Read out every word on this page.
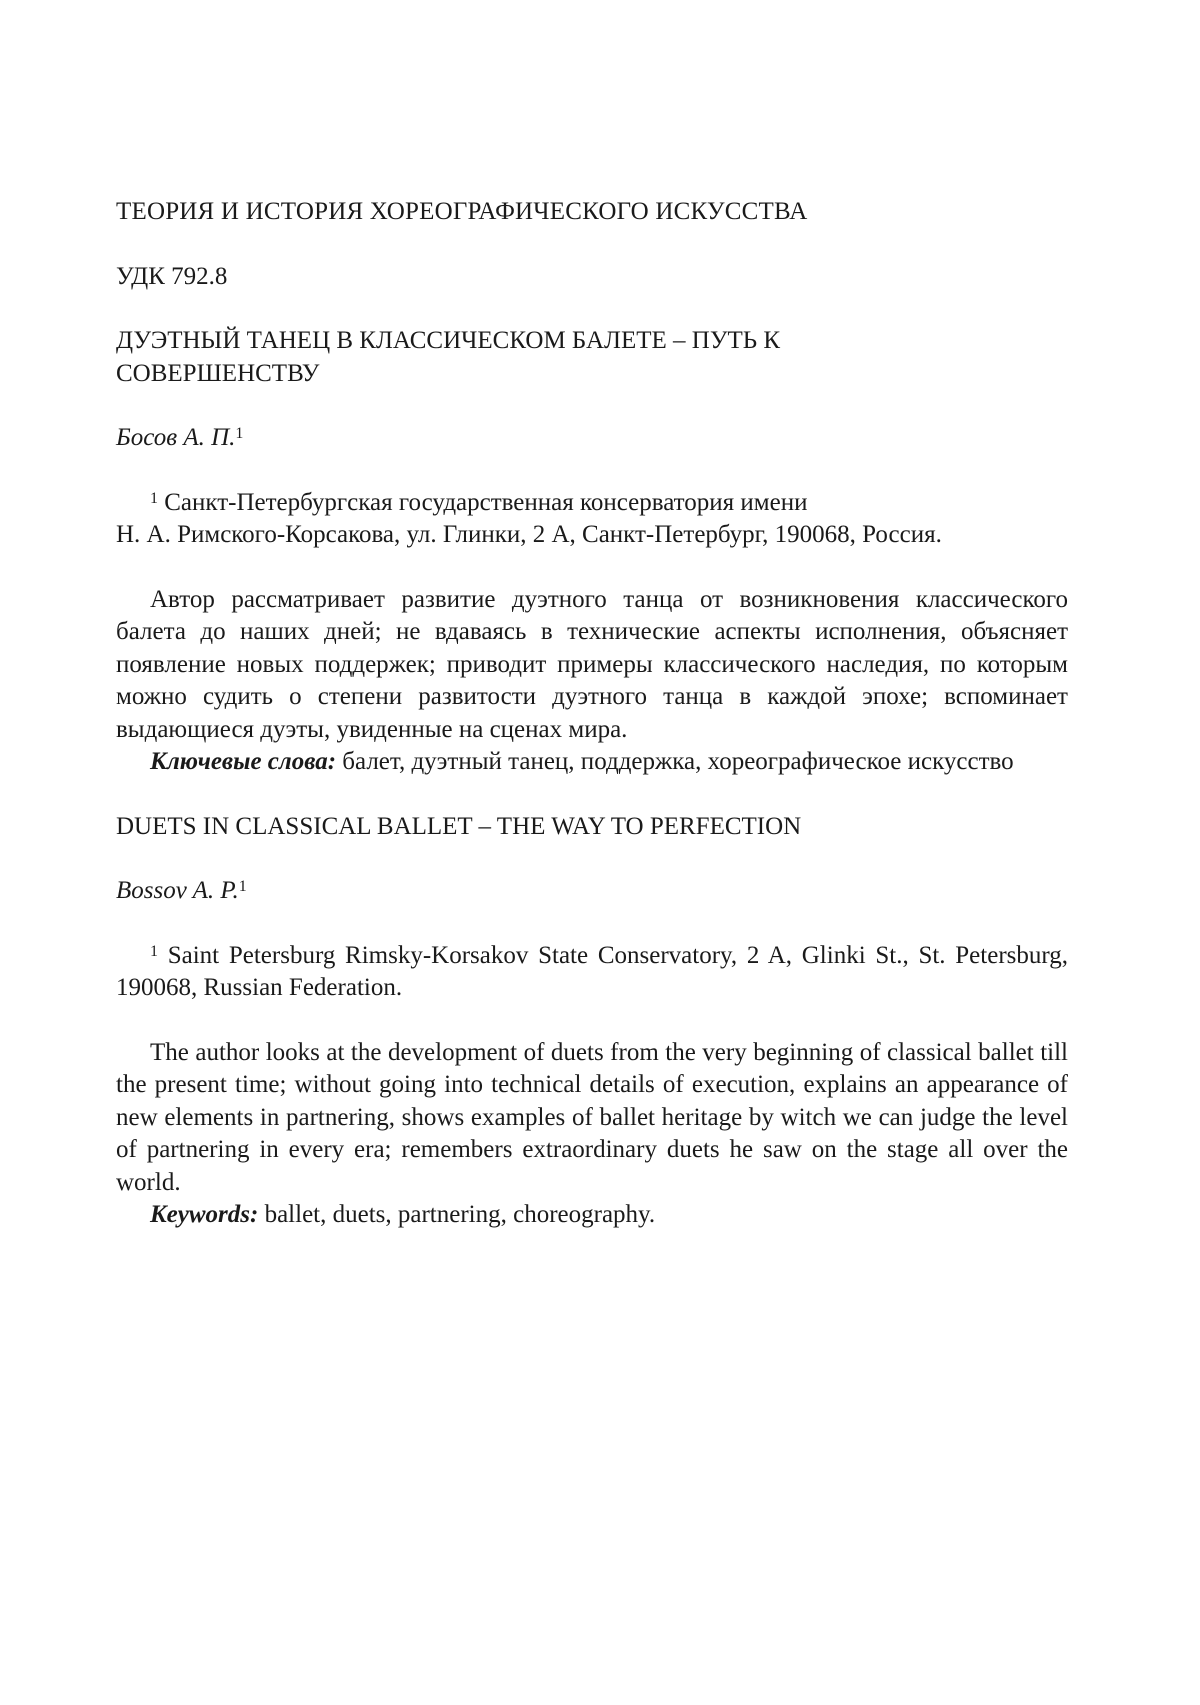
ТЕОРИЯ И ИСТОРИЯ ХОРЕОГРАФИЧЕСКОГО ИСКУССТВА

УДК 792.8

ДУЭТНЫЙ ТАНЕЦ В КЛАССИЧЕСКОМ БАЛЕТЕ – ПУТЬ К
СОВЕРШЕНСТВУ

Босов А. П.$^1$

$^1$ Санкт-Петербургская государственная консерватория имени
Н. А. Римского-Корсакова, ул. Глинки, 2 А, Санкт-Петербург, 190068, Россия.

Автор рассматривает развитие дуэтного танца от возникновения классического балета до наших дней; не вдаваясь в технические аспекты исполнения, объясняет появление новых поддержек; приводит примеры классического наследия, по которым можно судить о степени развитости дуэтного танца в каждой эпохе; вспоминает выдающиеся дуэты, увиденные на сценах мира.

Ключевые слова: балет, дуэтный танец, поддержка, хореографическое искусство

DUETS IN CLASSICAL BALLET – THE WAY TO PERFECTION

Bossov A. P.$^1$

$^1$ Saint Petersburg Rimsky-Korsakov State Conservatory, 2 A, Glinki St., St. Petersburg, 190068, Russian Federation.

The author looks at the development of duets from the very beginning of classical ballet till the present time; without going into technical details of execution, explains an appearance of new elements in partnering, shows examples of ballet heritage by witch we can judge the level of partnering in every era; remembers extraordinary duets he saw on the stage all over the world.

Keywords: ballet, duets, partnering, choreography.
